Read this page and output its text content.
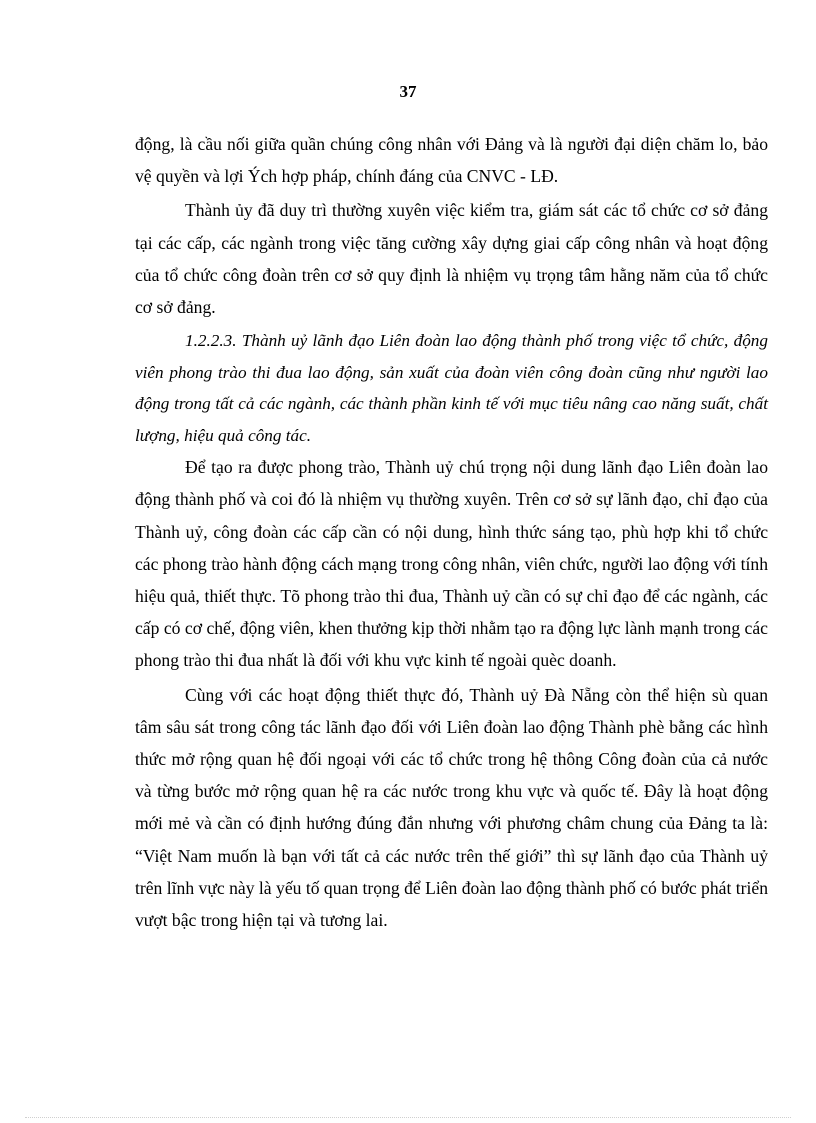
37

động, là cầu nối giữa quần chúng công nhân với Đảng và là người đại diện chăm lo, bảo vệ quyền và lợi Ých hợp pháp, chính đáng của CNVC - LĐ.

Thành ủy đã duy trì thường xuyên việc kiểm tra, giám sát các tổ chức cơ sở đảng tại các cấp, các ngành trong việc tăng cường xây dựng giai cấp công nhân và hoạt động của tổ chức công đoàn trên cơ sở quy định là nhiệm vụ trọng tâm hằng năm của tổ chức cơ sở đảng.

1.2.2.3. Thành uỷ lãnh đạo Liên đoàn lao động thành phố trong việc tổ chức, động viên phong trào thi đua lao động, sản xuất của đoàn viên công đoàn cũng như người lao động trong tất cả các ngành, các thành phần kinh tế với mục tiêu nâng cao năng suất, chất lượng, hiệu quả công tác.

Để tạo ra được phong trào, Thành uỷ chú trọng nội dung lãnh đạo Liên đoàn lao động thành phố và coi đó là nhiệm vụ thường xuyên. Trên cơ sở sự lãnh đạo, chỉ đạo của Thành uỷ, công đoàn các cấp cần có nội dung, hình thức sáng tạo, phù hợp khi tổ chức các phong trào hành động cách mạng trong công nhân, viên chức, người lao động với tính hiệu quả, thiết thực. Tõ phong trào thi đua, Thành uỷ cần có sự chỉ đạo để các ngành, các cấp có cơ chế, động viên, khen thưởng kịp thời nhằm tạo ra động lực lành mạnh trong các phong trào thi đua nhất là đối với khu vực kinh tế ngoài quèc doanh.

Cùng với các hoạt động thiết thực đó, Thành uỷ Đà Nẵng còn thể hiện sù quan tâm sâu sát trong công tác lãnh đạo đối với Liên đoàn lao động Thành phè bằng các hình thức mở rộng quan hệ đối ngoại với các tổ chức trong hệ thông Công đoàn của cả nước và từng bước mở rộng quan hệ ra các nước trong khu vực và quốc tế. Đây là hoạt động mới mẻ và cần có định hướng đúng đắn nhưng với phương châm chung của Đảng ta là: “Việt Nam muốn là bạn với tất cả các nước trên thế giới” thì sự lãnh đạo của Thành uỷ trên lĩnh vực này là yếu tố quan trọng để Liên đoàn lao động thành phố có bước phát triển vượt bậc trong hiện tại và tương lai.
